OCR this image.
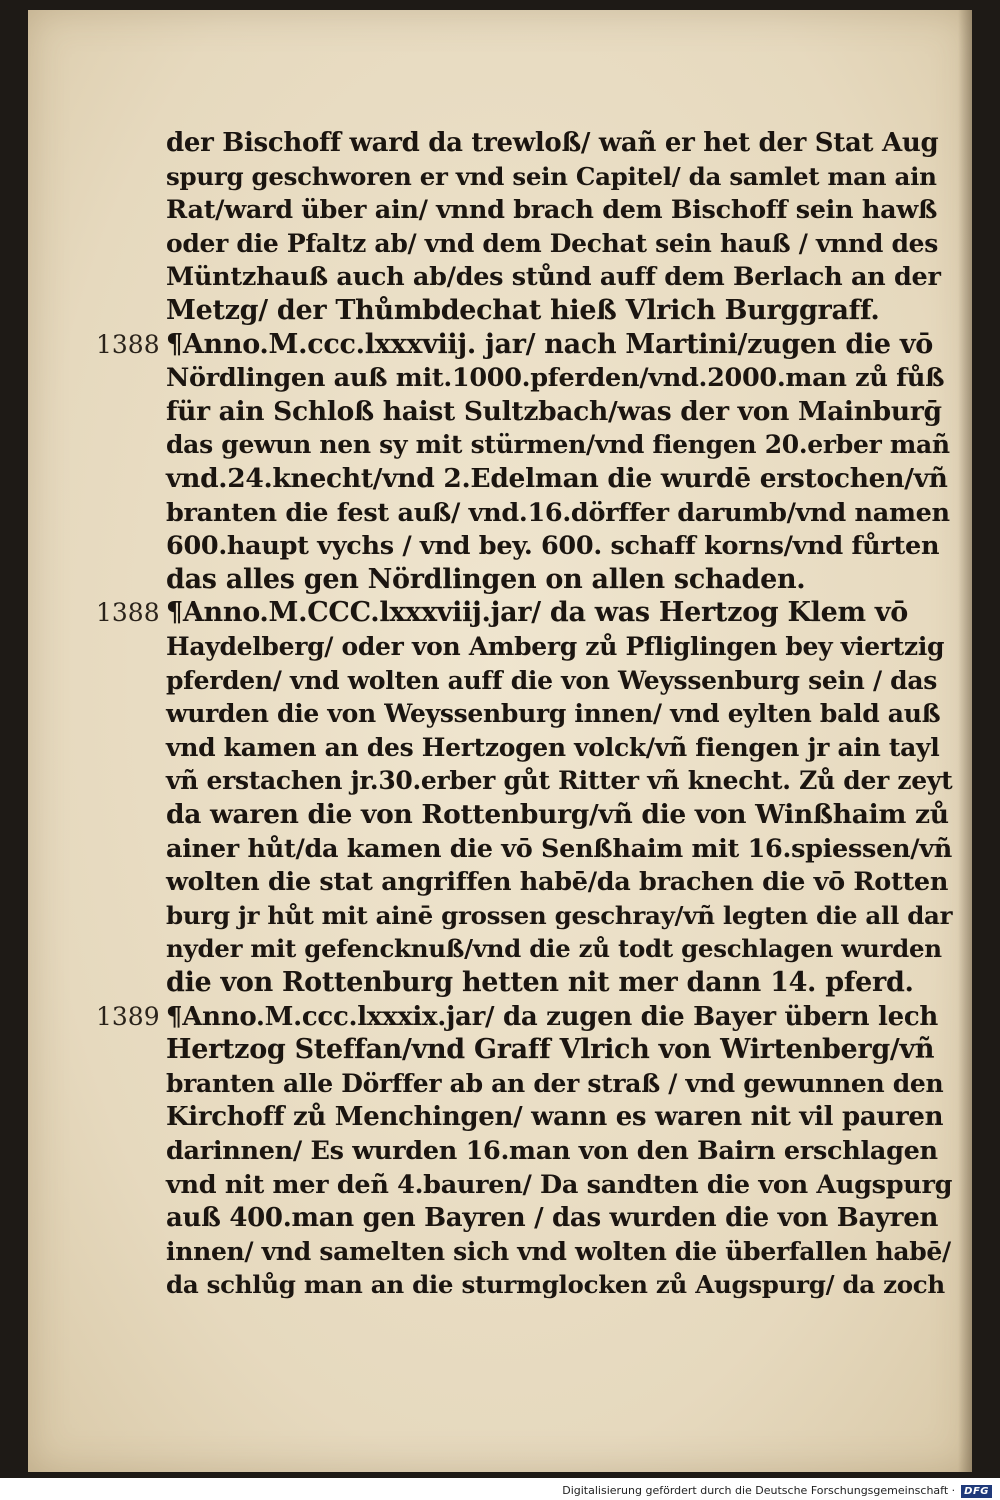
der Bischoff ward da trewloß/ wañ er het der Stat Aug
spurg geschworen er vnd sein Capitel/ da samlet man ain
Rat/ward über ain/ vnnd brach dem Bischoff sein hawß
oder die Pfaltz ab/ vnd dem Dechat sein hauß / vnnd des
Müntzhauß auch ab/des stůnd auff dem Berlach an der
Metzg/ der Thůmbdechat hieß Vlrich Burggraff.
¶Anno.M.ccc.lxxxviij. jar/ nach Martini/zugen die vō
Nördlingen auß mit.1000.pferden/vnd.2000.man zů fůß
für ain Schloß haist Sultzbach/was der von Mainburḡ
das gewun nen sy mit stürmen/vnd fiengen 20.erber mañ
vnd.24.knecht/vnd 2.Edelman die wurdē erstochen/vñ
branten die fest auß/ vnd.16.dörffer darumb/vnd namen
600.haupt vychs / vnd bey. 600. schaff korns/vnd fůrten
das alles gen Nördlingen on allen schaden.
¶Anno.M.CCC.lxxxviij.jar/ da was Hertzog Klem vō
Haydelberg/ oder von Amberg zů Pfliglingen bey viertzig
pferden/ vnd wolten auff die von Weyssenburg sein / das
wurden die von Weyssenburg innen/ vnd eylten bald auß
vnd kamen an des Hertzogen volck/vñ fiengen jr ain tayl
vñ erstachen jr.30.erber gůt Ritter vñ knecht. Zů der zeyt
da waren die von Rottenburg/vñ die von Winßhaim zů
ainer hůt/da kamen die vō Senßhaim mit 16.spiessen/vñ
wolten die stat angriffen habē/da brachen die vō Rotten
burg jr hůt mit ainē grossen geschray/vñ legten die all dar
nyder mit gefencknuß/vnd die zů todt geschlagen wurden
die von Rottenburg hetten nit mer dann 14. pferd.
¶Anno.M.ccc.lxxxix.jar/ da zugen die Bayer übern lech
Hertzog Steffan/vnd Graff Vlrich von Wirtenberg/vñ
branten alle Dörffer ab an der straß / vnd gewunnen den
Kirchoff zů Menchingen/ wann es waren nit vil pauren
darinnen/ Es wurden 16.man von den Bairn erschlagen
vnd nit mer deñ 4.bauren/ Da sandten die von Augspurg
auß 400.man gen Bayren / das wurden die von Bayren
innen/ vnd samelten sich vnd wolten die überfallen habē/
da schlůg man an die sturmglocken zů Augspurg/ da zoch
1388
1388
1389
Digitalisierung gefördert durch die Deutsche Forschungsgemeinschaft · DFG
